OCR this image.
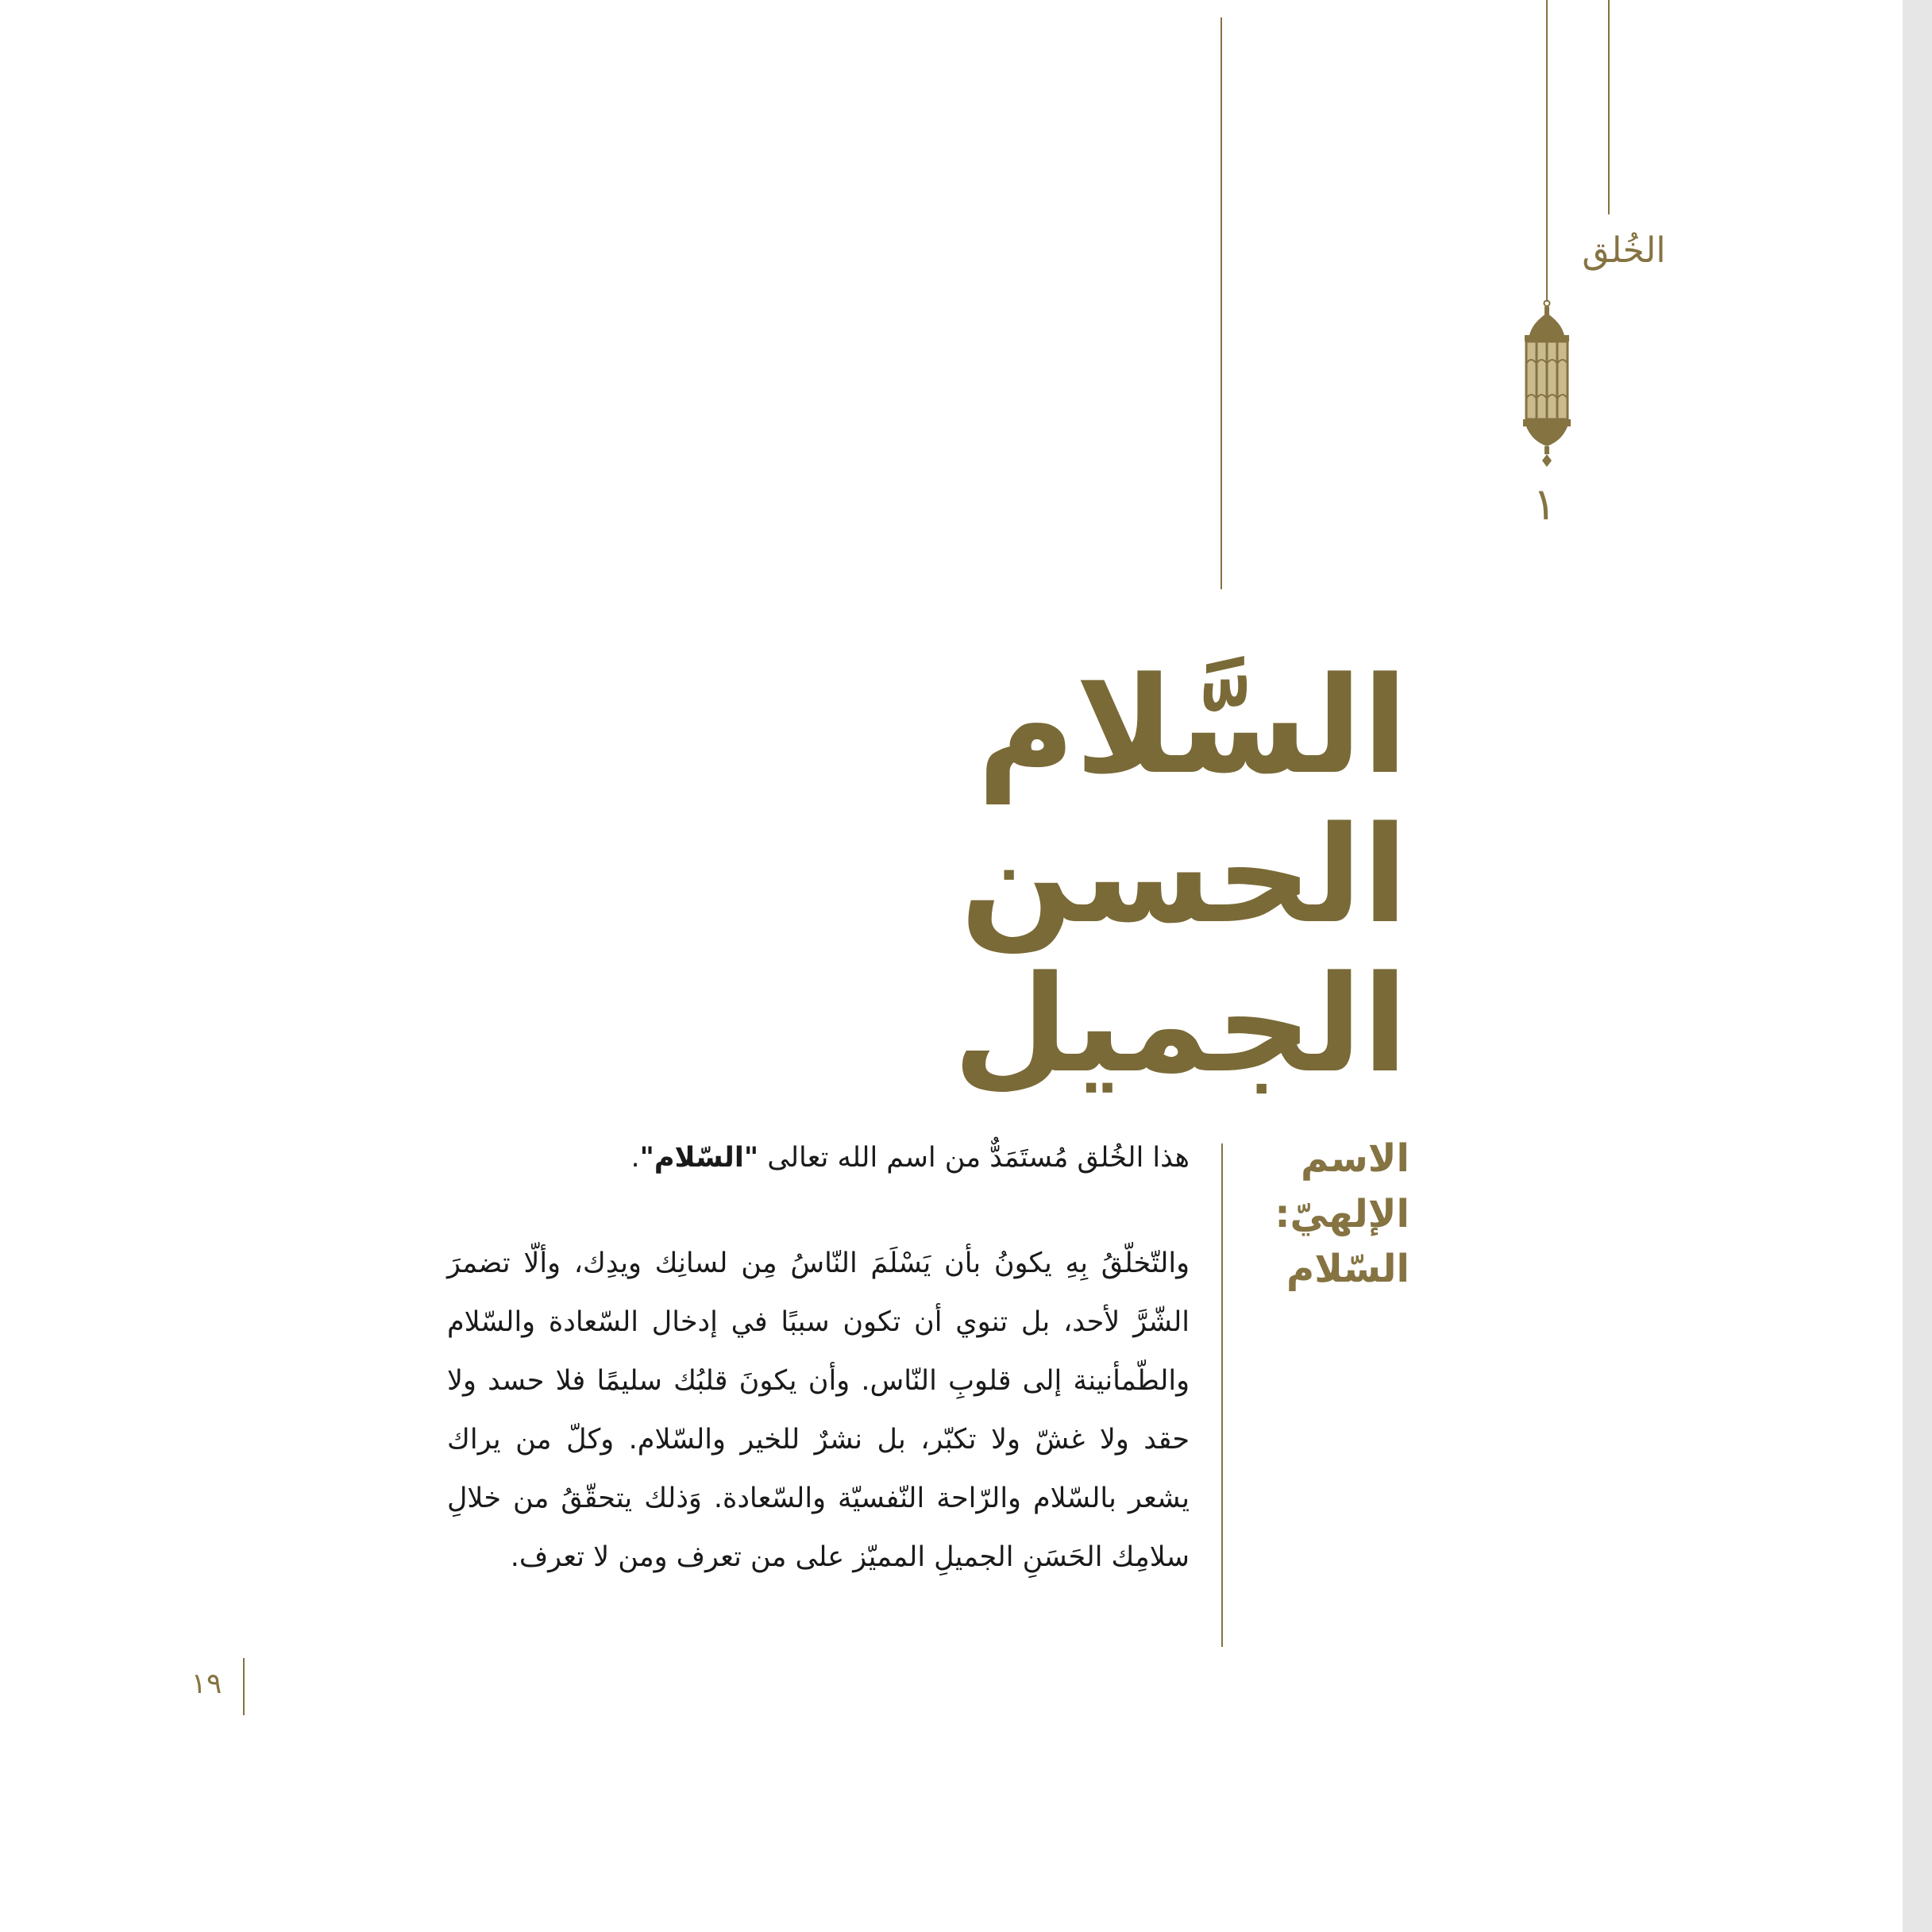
الخُلق
١
السَّلام الحسن
الجميل
الاسم
الإلهيّ:
السّلام

هذا الخُلق مُستَمَدٌّ من اسم الله تعالى "السّلام".

والتّخلّقُ بِهِ يكونُ بأن يَسْلَمَ النّاسُ مِن لسانِك ويدِك، وألّا تضمرَ الشّرَّ لأحد، بل تنوي أن تكون سببًا في إدخال السّعادة والسّلام والطّمأنينة إلى قلوبِ النّاس. وأن يكونَ قلبُك سليمًا فلا حسد ولا حقد ولا غشّ ولا تكبّر، بل نشرٌ للخير والسّلام. وكلّ من يراك يشعر بالسّلام والرّاحة النّفسيّة والسّعادة. وَذلك يتحقّقُ من خلالِ سلامِك الحَسَنِ الجميلِ المميّز على من تعرف ومن لا تعرف.

١٩
